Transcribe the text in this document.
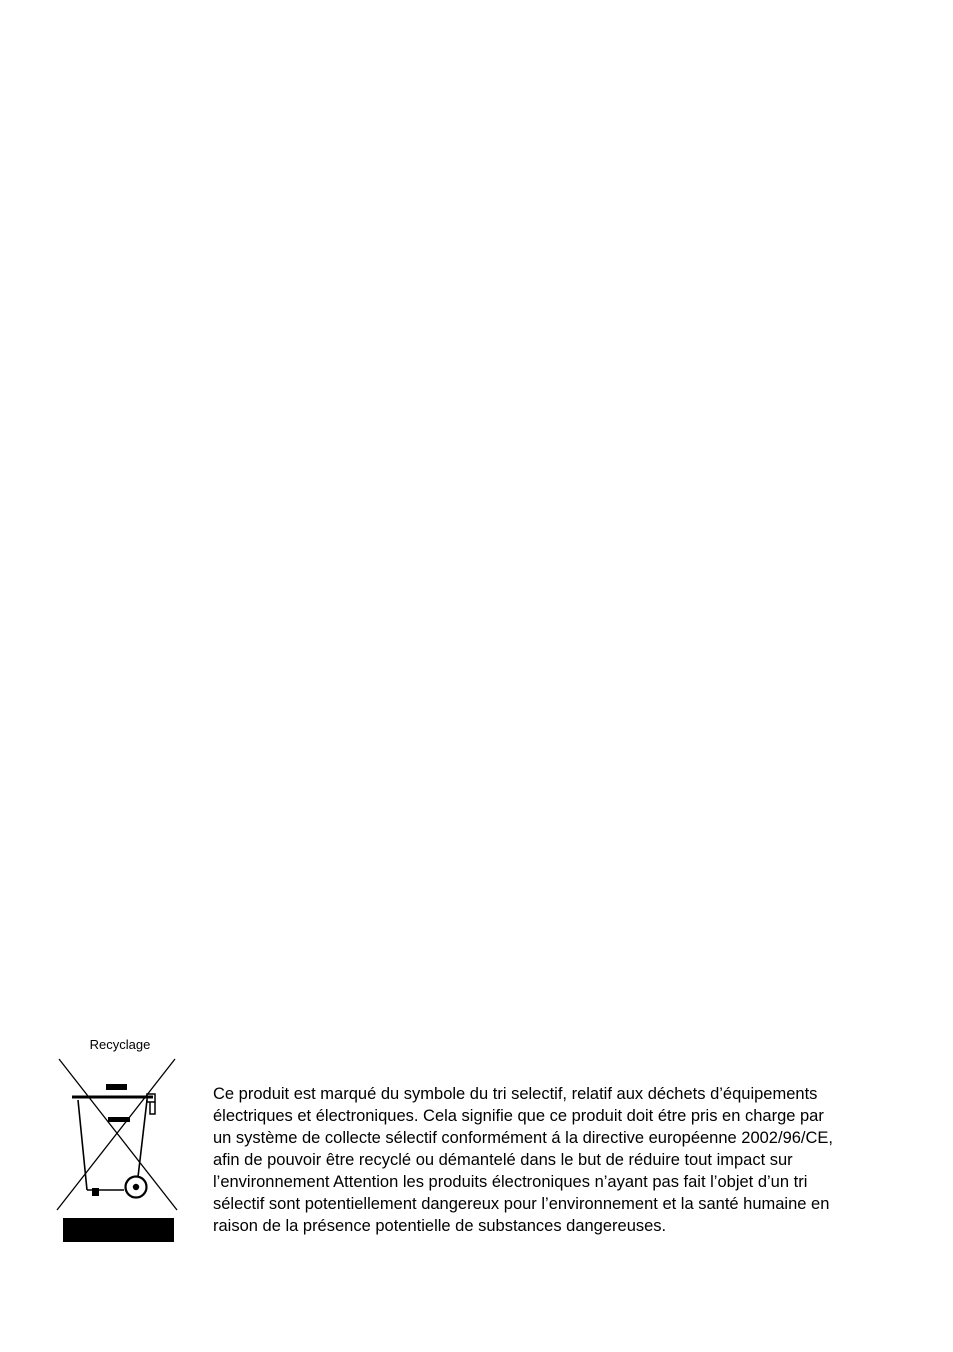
Recyclage

Ce produit est marqué du symbole du tri selectif, relatif aux déchets d’équipements
électriques et électroniques. Cela signifie que ce produit doit étre pris en charge par
un système de collecte sélectif conformément á la directive européenne 2002/96/CE,
afin de pouvoir être recyclé ou démantelé dans le but de réduire tout impact sur
l’environnement Attention les produits électroniques n’ayant pas fait l’objet d’un tri
sélectif sont potentiellement dangereux pour l’environnement et la santé humaine en
raison de la présence potentielle de substances dangereuses.
